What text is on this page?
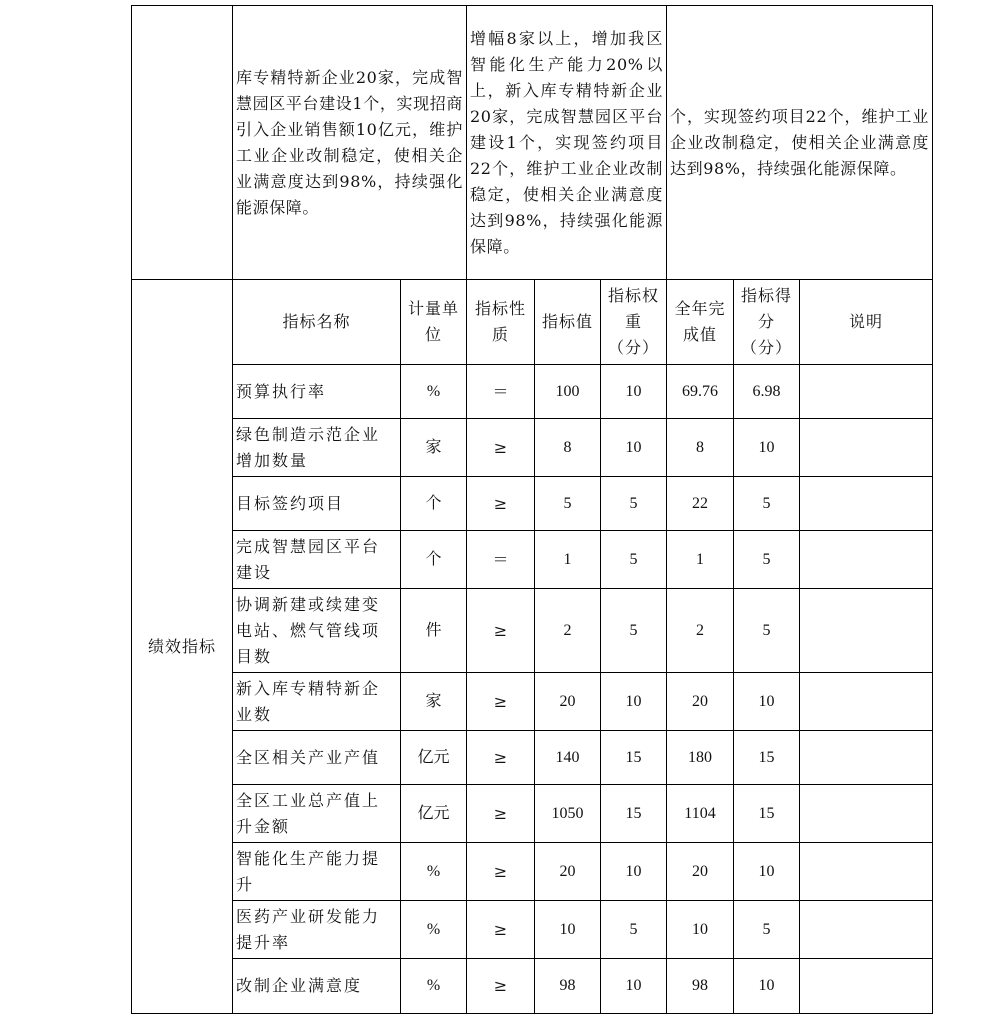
	库专精特新企业20家，完成智慧园区平台建设1个，实现招商引入企业销售额10亿元，维护工业企业改制稳定，使相关企业满意度达到98%，持续强化能源保障。		增幅8家以上，增加我区智能化生产能力20%以上，新入库专精特新企业20家，完成智慧园区平台建设1个，实现签约项目22个，维护工业企业改制稳定，使相关企业满意度达到98%，持续强化能源保障。			个，实现签约项目22个，维护工业企业改制稳定，使相关企业满意度达到98%，持续强化能源保障。		
绩效指标	指标名称	计量单位	指标性质	指标值	指标权重（分）	全年完成值	指标得分（分）	说明
	预算执行率	%	＝	100	10	69.76	6.98	
	绿色制造示范企业增加数量	家	≥	8	10	8	10	
	目标签约项目	个	≥	5	5	22	5	
	完成智慧园区平台建设	个	＝	1	5	1	5	
	协调新建或续建变电站、燃气管线项目数	件	≥	2	5	2	5	
	新入库专精特新企业数	家	≥	20	10	20	10	
	全区相关产业产值	亿元	≥	140	15	180	15	
	全区工业总产值上升金额	亿元	≥	1050	15	1104	15	
	智能化生产能力提升	%	≥	20	10	20	10	
	医药产业研发能力提升率	%	≥	10	5	10	5	
	改制企业满意度	%	≥	98	10	98	10	
